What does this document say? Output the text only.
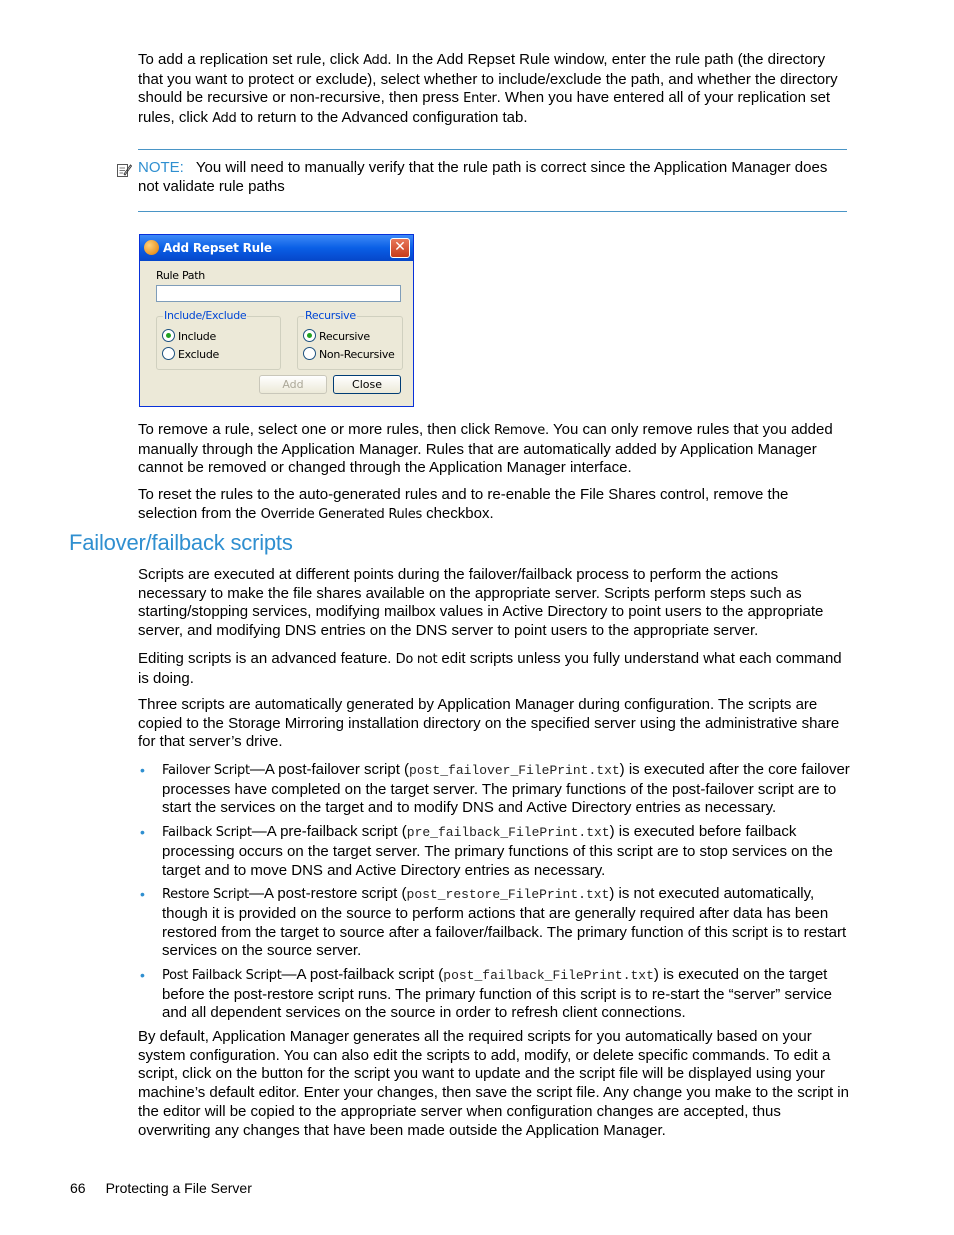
To add a replication set rule, click Add. In the Add Repset Rule window, enter the rule path (the directory that you want to protect or exclude), select whether to include/exclude the path, and whether the directory should be recursive or non-recursive, then press Enter. When you have entered all of your replication set rules, click Add to return to the Advanced configuration tab.

NOTE: You will need to manually verify that the rule path is correct since the Application Manager does not validate rule paths
Add Repset Rule	✕
Rule Path
Include/Exclude
Include
Exclude
Recursive
Recursive
Non-Recursive
Add	Close

To remove a rule, select one or more rules, then click Remove. You can only remove rules that you added manually through the Application Manager. Rules that are automatically added by Application Manager cannot be removed or changed through the Application Manager interface.

To reset the rules to the auto-generated rules and to re-enable the File Shares control, remove the selection from the Override Generated Rules checkbox.

Failover/failback scripts

Scripts are executed at different points during the failover/failback process to perform the actions necessary to make the file shares available on the appropriate server. Scripts perform steps such as starting/stopping services, modifying mailbox values in Active Directory to point users to the appropriate server, and modifying DNS entries on the DNS server to point users to the appropriate server.

Editing scripts is an advanced feature. Do not edit scripts unless you fully understand what each command is doing.

Three scripts are automatically generated by Application Manager during configuration. The scripts are copied to the Storage Mirroring installation directory on the specified server using the administrative share for that server’s drive.

• Failover Script—A post-failover script (post_failover_FilePrint.txt) is executed after the core failover processes have completed on the target server. The primary functions of the post-failover script are to start the services on the target and to modify DNS and Active Directory entries as necessary.
• Failback Script—A pre-failback script (pre_failback_FilePrint.txt) is executed before failback processing occurs on the target server. The primary functions of this script are to stop services on the target and to move DNS and Active Directory entries as necessary.
• Restore Script—A post-restore script (post_restore_FilePrint.txt) is not executed automatically, though it is provided on the source to perform actions that are generally required after data has been restored from the target to source after a failover/failback. The primary function of this script is to restart services on the source server.
• Post Failback Script—A post-failback script (post_failback_FilePrint.txt) is executed on the target before the post-restore script runs. The primary function of this script is to re-start the “server” service and all dependent services on the source in order to refresh client connections.

By default, Application Manager generates all the required scripts for you automatically based on your system configuration. You can also edit the scripts to add, modify, or delete specific commands. To edit a script, click on the button for the script you want to update and the script file will be displayed using your machine’s default editor. Enter your changes, then save the script file. Any change you make to the script in the editor will be copied to the appropriate server when configuration changes are accepted, thus overwriting any changes that have been made outside the Application Manager.

66 Protecting a File Server
